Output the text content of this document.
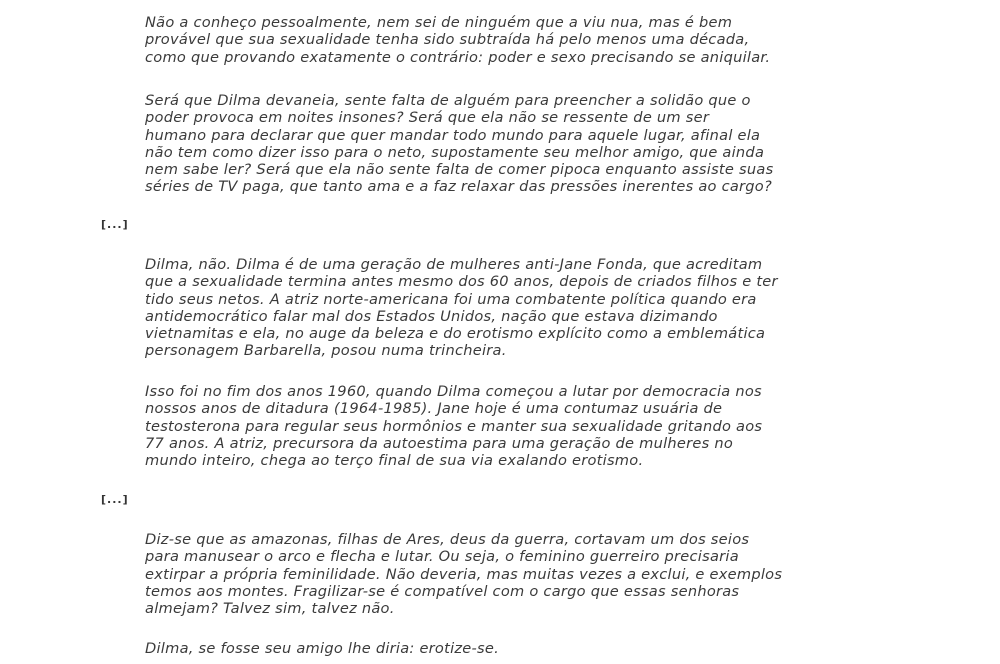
Não a conheço pessoalmente, nem sei de ninguém que a viu nua, mas é bem
provável que sua sexualidade tenha sido subtraída há pelo menos uma década,
como que provando exatamente o contrário: poder e sexo precisando se aniquilar.

Será que Dilma devaneia, sente falta de alguém para preencher a solidão que o
poder provoca em noites insones? Será que ela não se ressente de um ser
humano para declarar que quer mandar todo mundo para aquele lugar, afinal ela
não tem como dizer isso para o neto, supostamente seu melhor amigo, que ainda
nem sabe ler? Será que ela não sente falta de comer pipoca enquanto assiste suas
séries de TV paga, que tanto ama e a faz relaxar das pressões inerentes ao cargo?

[...]

Dilma, não. Dilma é de uma geração de mulheres anti-Jane Fonda, que acreditam
que a sexualidade termina antes mesmo dos 60 anos, depois de criados filhos e ter
tido seus netos. A atriz norte-americana foi uma combatente política quando era
antidemocrático falar mal dos Estados Unidos, nação que estava dizimando
vietnamitas e ela, no auge da beleza e do erotismo explícito como a emblemática
personagem Barbarella, posou numa trincheira.

Isso foi no fim dos anos 1960, quando Dilma começou a lutar por democracia nos
nossos anos de ditadura (1964-1985). Jane hoje é uma contumaz usuária de
testosterona para regular seus hormônios e manter sua sexualidade gritando aos
77 anos. A atriz, precursora da autoestima para uma geração de mulheres no
mundo inteiro, chega ao terço final de sua via exalando erotismo.

[...]

Diz-se que as amazonas, filhas de Ares, deus da guerra, cortavam um dos seios
para manusear o arco e flecha e lutar. Ou seja, o feminino guerreiro precisaria
extirpar a própria feminilidade. Não deveria, mas muitas vezes a exclui, e exemplos
temos aos montes. Fragilizar-se é compatível com o cargo que essas senhoras
almejam? Talvez sim, talvez não.

Dilma, se fosse seu amigo lhe diria: erotize-se.
